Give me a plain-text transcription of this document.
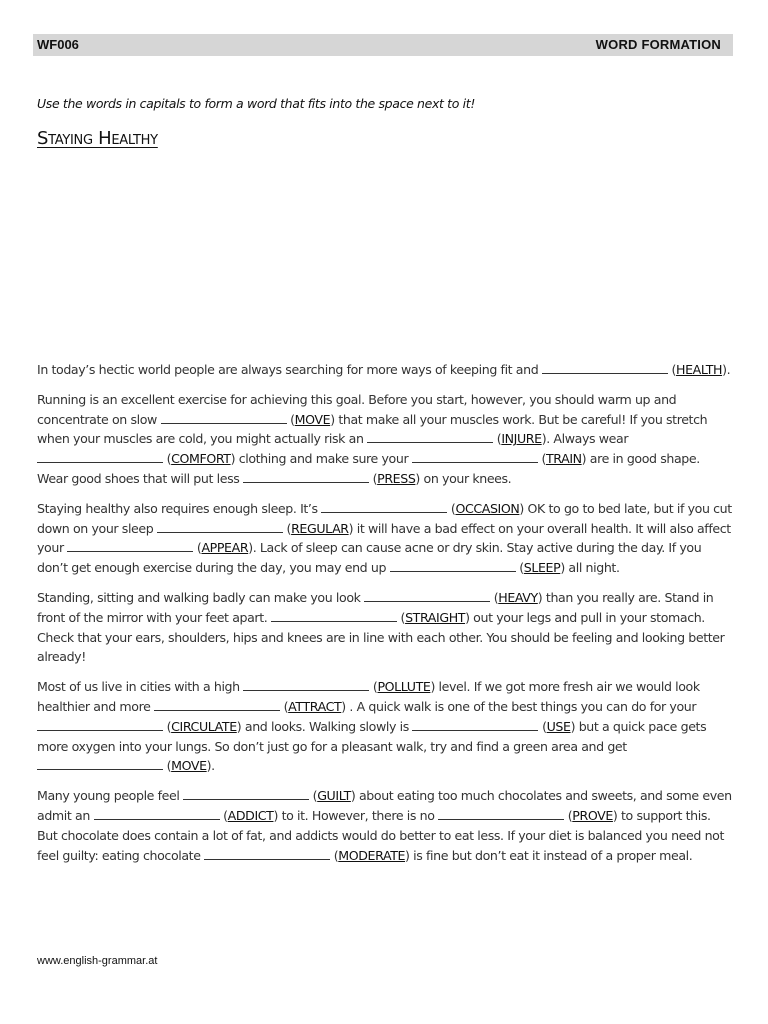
WF006	WORD FORMATION
Use the words in capitals to form a word that fits into the space next to it!
Staying Healthy

In today’s hectic world people are always searching for more ways of keeping fit and	(HEALTH).

Running is an excellent exercise for achieving this goal. Before you start, however, you should warm up and concentrate on slow	(MOVE) that make all your muscles work. But be careful! If you stretch when your muscles are cold, you might actually risk an	(INJURE). Always wear  (COMFORT) clothing and make sure your	(TRAIN) are in good shape. Wear good shoes that will put less	(PRESS) on your knees.

Staying healthy also requires enough sleep. It’s	(OCCASION) OK to go to bed late, but if you cut down on your sleep	(REGULAR) it will have a bad effect on your overall health. It will also affect your	(APPEAR). Lack of sleep can cause acne or dry skin. Stay active during the day. If you don’t get enough exercise during the day, you may end up	(SLEEP) all night.

Standing, sitting and walking badly can make you look	(HEAVY) than you really are. Stand in front of the mirror with your feet apart.	(STRAIGHT) out your legs and pull in your stomach. Check that your ears, shoulders, hips and knees are in line with each other. You should be feeling and looking better already!

Most of us live in cities with a high	(POLLUTE) level. If we got more fresh air we would look healthier and more	(ATTRACT) . A quick walk is one of the best things you can do for your  (CIRCULATE) and looks. Walking slowly is	(USE) but a quick pace gets more oxygen into your lungs. So don’t just go for a pleasant walk, try and find a green area and get  (MOVE).

Many young people feel	(GUILT) about eating too much chocolates and sweets, and some even admit an	(ADDICT) to it. However, there is no	(PROVE) to support this. But chocolate does contain a lot of fat, and addicts would do better to eat less. If your diet is balanced you need not feel guilty: eating chocolate	(MODERATE) is fine but don’t eat it instead of a proper meal.

www.english-grammar.at
